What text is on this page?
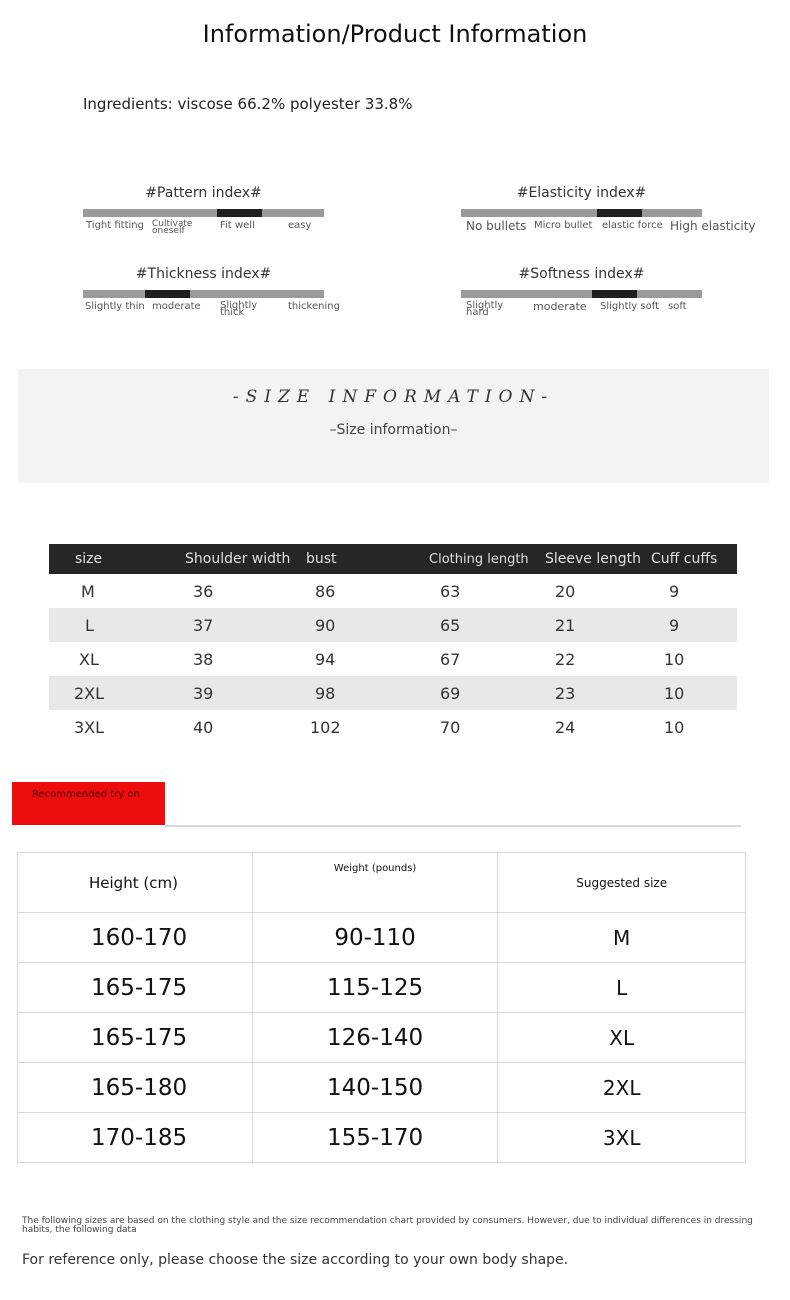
Information/Product Information
Ingredients: viscose 66.2% polyester 33.8%
#Pattern index#
Tight fitting Cultivate oneself	Fit well	easy
#Elasticity index#
No bullets Micro bullet elastic force High elasticity
#Thickness index#
Slightly thin moderate Slightly thick
thickening
#Softness index#
Slightly hard	moderate Slightly soft soft
-SIZE INFORMATION-
–Size information–
size	Shoulder width	bust	Clothing length	Sleeve length	Cuff cuffs
M	36	86	63	20	9
L	37	90	65	21	9
XL	38	94	67	22	10
2XL	39	98	69	23	10
3XL	40	102	70	24	10
Recommended try on
Height (cm)	Weight (pounds)	Suggested size
160-170	90-110	M
165-175	115-125	L
165-175	126-140	XL
165-180	140-150	2XL
170-185	155-170	3XL
The following sizes are based on the clothing style and the size recommendation chart provided by consumers. However, due to individual differences in dressing habits, the following data
For reference only, please choose the size according to your own body shape.
